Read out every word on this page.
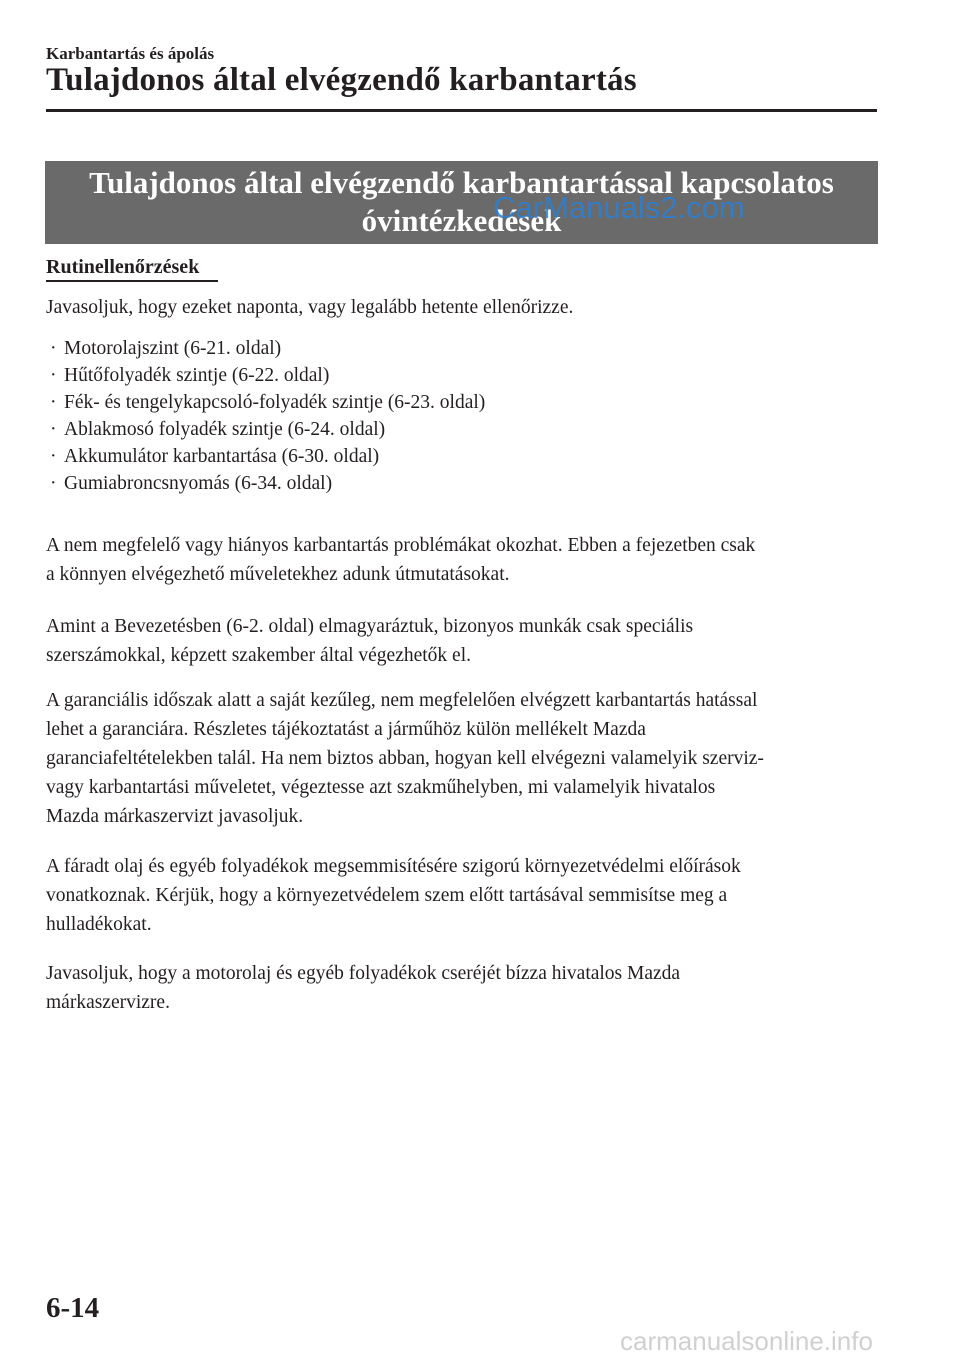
Karbantartás és ápolás
Tulajdonos által elvégzendő karbantartás
Tulajdonos által elvégzendő karbantartással kapcsolatos
óvintézkedések
CarManuals2.com
Rutinellenőrzések
Javasoljuk, hogy ezeket naponta, vagy legalább hetente ellenőrizze.
· Motorolajszint (6-21. oldal)
· Hűtőfolyadék szintje (6-22. oldal)
· Fék- és tengelykapcsoló-folyadék szintje (6-23. oldal)
· Ablakmosó folyadék szintje (6-24. oldal)
· Akkumulátor karbantartása (6-30. oldal)
· Gumiabroncsnyomás (6-34. oldal)

A nem megfelelő vagy hiányos karbantartás problémákat okozhat. Ebben a fejezetben csak
a könnyen elvégezhető műveletekhez adunk útmutatásokat.

Amint a Bevezetésben (6-2. oldal) elmagyaráztuk, bizonyos munkák csak speciális
szerszámokkal, képzett szakember által végezhetők el.

A garanciális időszak alatt a saját kezűleg, nem megfelelően elvégzett karbantartás hatással
lehet a garanciára. Részletes tájékoztatást a járműhöz külön mellékelt Mazda
garanciafeltételekben talál. Ha nem biztos abban, hogyan kell elvégezni valamelyik szerviz-
vagy karbantartási műveletet, végeztesse azt szakműhelyben, mi valamelyik hivatalos
Mazda márkaszervizt javasoljuk.

A fáradt olaj és egyéb folyadékok megsemmisítésére szigorú környezetvédelmi előírások
vonatkoznak. Kérjük, hogy a környezetvédelem szem előtt tartásával semmisítse meg a
hulladékokat.

Javasoljuk, hogy a motorolaj és egyéb folyadékok cseréjét bízza hivatalos Mazda
márkaszervizre.

6-14
carmanualsonline.info
